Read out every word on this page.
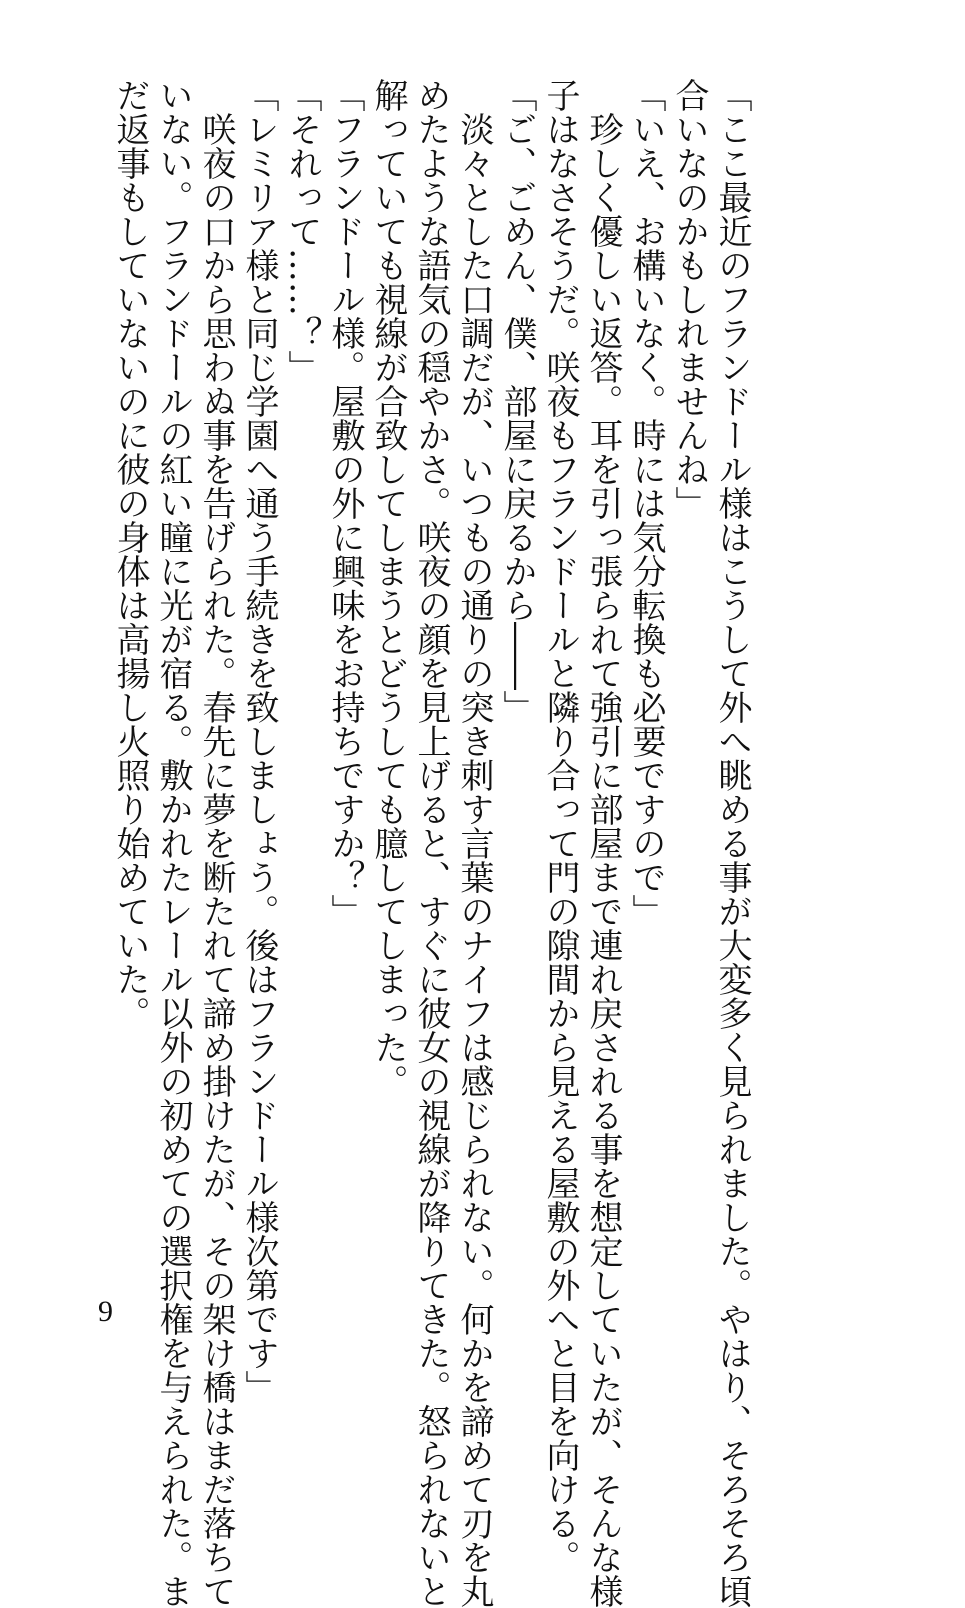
「ここ最近のフランドール様はこうして外へ眺める事が大変多く見られました。やはり、そろそろ頃

合いなのかもしれませんね」

「いえ、お構いなく。時には気分転換も必要ですので」

　珍しく優しい返答。耳を引っ張られて強引に部屋まで連れ戻される事を想定していたが、そんな様

子はなさそうだ。咲夜もフランドールと隣り合って門の隙間から見える屋敷の外へと目を向ける。

「ご、ごめん、僕、部屋に戻るから――」

　淡々とした口調だが、いつもの通りの突き刺す言葉のナイフは感じられない。何かを諦めて刃を丸

めたような語気の穏やかさ。咲夜の顔を見上げると、すぐに彼女の視線が降りてきた。怒られないと

解っていても視線が合致してしまうとどうしても臆してしまった。

「フランドール様。屋敷の外に興味をお持ちですか？」

「それって……？」

「レミリア様と同じ学園へ通う手続きを致しましょう。後はフランドール様次第です」

　咲夜の口から思わぬ事を告げられた。春先に夢を断たれて諦め掛けたが、その架け橋はまだ落ちて

いない。フランドールの紅い瞳に光が宿る。敷かれたレール以外の初めての選択権を与えられた。ま

だ返事もしていないのに彼の身体は高揚し火照り始めていた。

9
